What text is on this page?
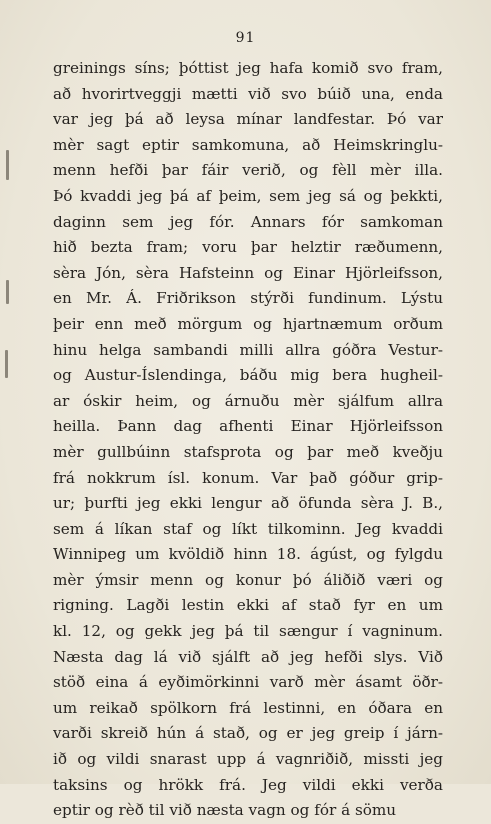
91
greinings síns; þóttist jeg hafa komið svo fram,
að hvorirtveggji mætti við svo búið una, enda
var jeg þá að leysa mínar landfestar. Þó var
mèr sagt eptir samkomuna, að Heimskringlu-
menn hefði þar fáir verið, og fèll mèr illa.
Þó kvaddi jeg þá af þeim, sem jeg sá og þekkti,
daginn sem jeg fór. Annars fór samkoman
hið bezta fram; voru þar helztir ræðumenn,
sèra Jón, sèra Hafsteinn og Einar Hjörleifsson,
en Mr. Á. Friðrikson stýrði fundinum. Lýstu
þeir enn með mörgum og hjartnæmum orðum
hinu helga sambandi milli allra góðra Vestur-
og Austur-Íslendinga, báðu mig bera hugheil-
ar óskir heim, og árnuðu mèr sjálfum allra
heilla. Þann dag afhenti Einar Hjörleifsson
mèr gullbúinn stafsprota og þar með kveðju
frá nokkrum ísl. konum. Var það góður grip-
ur; þurfti jeg ekki lengur að öfunda sèra J. B.,
sem á líkan staf og líkt tilkominn. Jeg kvaddi
Winnipeg um kvöldið hinn 18. ágúst, og fylgdu
mèr ýmsir menn og konur þó áliðið væri og
rigning. Lagði lestin ekki af stað fyr en um
kl. 12, og gekk jeg þá til sængur í vagninum.
Næsta dag lá við sjálft að jeg hefði slys. Við
stöð eina á eyðimörkinni varð mèr ásamt öðr-
um reikað spölkorn frá lestinni, en óðara en
varði skreið hún á stað, og er jeg greip í járn-
ið og vildi snarast upp á vagnriðið, missti jeg
taksins og hrökk frá. Jeg vildi ekki verða
eptir og rèð til við næsta vagn og fór á sömu
